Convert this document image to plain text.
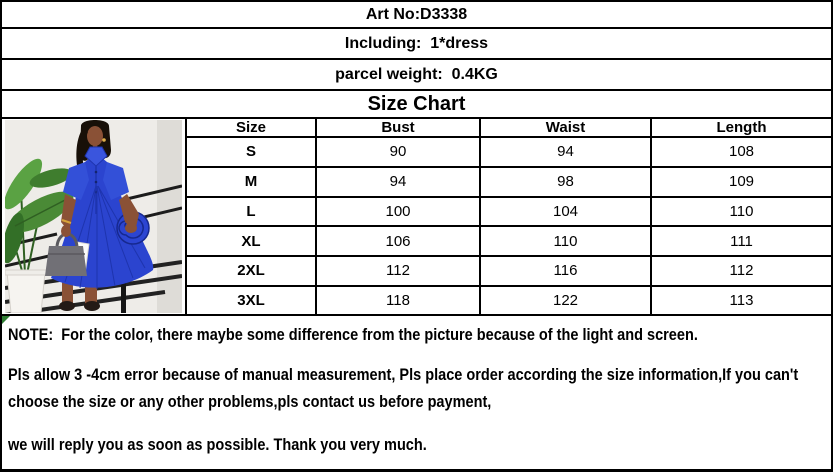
Art No:D3338
Including:  1*dress
parcel weight:  0.4KG
Size Chart
Size	Bust	Waist	Length
S	90	94	108
M	94	98	109
L	100	104	110
XL	106	110	111
2XL	112	116	112
3XL	118	122	113
NOTE:  For the color, there maybe some difference from the picture because of the light and screen.
Pls allow 3 -4cm error because of manual measurement, Pls place order according the size information,If you can't
choose the size or any other problems,pls contact us before payment,
we will reply you as soon as possible. Thank you very much.
